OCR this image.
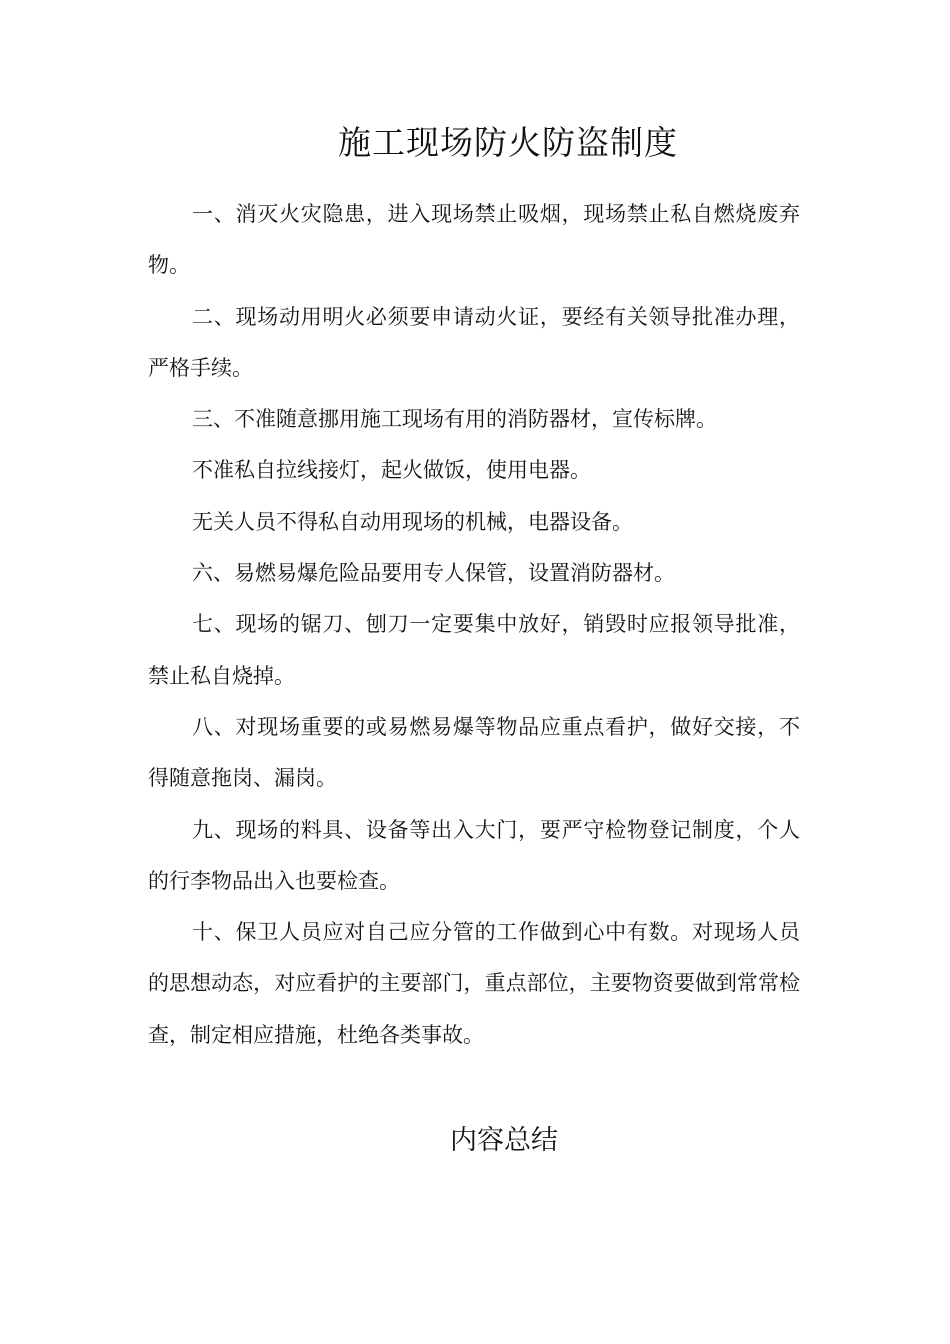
施工现场防火防盗制度

一、消灭火灾隐患，进入现场禁止吸烟，现场禁止私自燃烧废弃物。

二、现场动用明火必须要申请动火证，要经有关领导批准办理，严格手续。

三、不准随意挪用施工现场有用的消防器材，宣传标牌。

不准私自拉线接灯，起火做饭，使用电器。

无关人员不得私自动用现场的机械，电器设备。

六、易燃易爆危险品要用专人保管，设置消防器材。

七、现场的锯刀、刨刀一定要集中放好，销毁时应报领导批准，禁止私自烧掉。

八、对现场重要的或易燃易爆等物品应重点看护，做好交接，不得随意拖岗、漏岗。

九、现场的料具、设备等出入大门，要严守检物登记制度，个人的行李物品出入也要检查。

十、保卫人员应对自己应分管的工作做到心中有数。对现场人员的思想动态，对应看护的主要部门，重点部位，主要物资要做到常常检查，制定相应措施，杜绝各类事故。

内容总结
